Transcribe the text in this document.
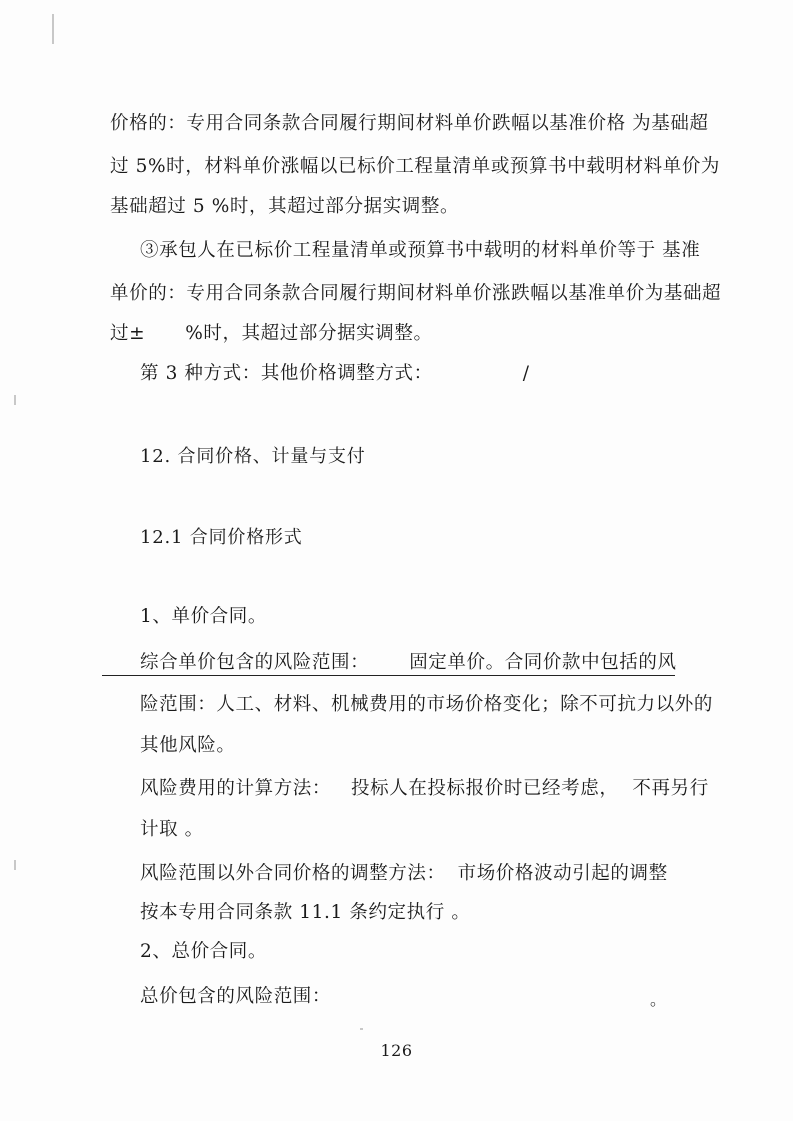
价格的：专用合同条款合同履行期间材料单价跌幅以基准价格 为基础超
过 5%时，材料单价涨幅以已标价工程量清单或预算书中载明材料单价为
基础超过 5 %时，其超过部分据实调整。
③承包人在已标价工程量清单或预算书中载明的材料单价等于 基准
单价的：专用合同条款合同履行期间材料单价涨跌幅以基准单价为基础超
过± %时，其超过部分据实调整。
第 3 种方式：其他价格调整方式：	/
12. 合同价格、计量与支付
12.1 合同价格形式
1、单价合同。
综合单价包含的风险范围： 固定单价。合同价款中包括的风
险范围：人工、材料、机械费用的市场价格变化；除不可抗力以外的
其他风险。
风险费用的计算方法： 投标人在投标报价时已经考虑， 不再另行
计取 。
风险范围以外合同价格的调整方法： 市场价格波动引起的调整
按本专用合同条款 11.1 条约定执行 。
2、总价合同。
总价包含的风险范围：	。
126
